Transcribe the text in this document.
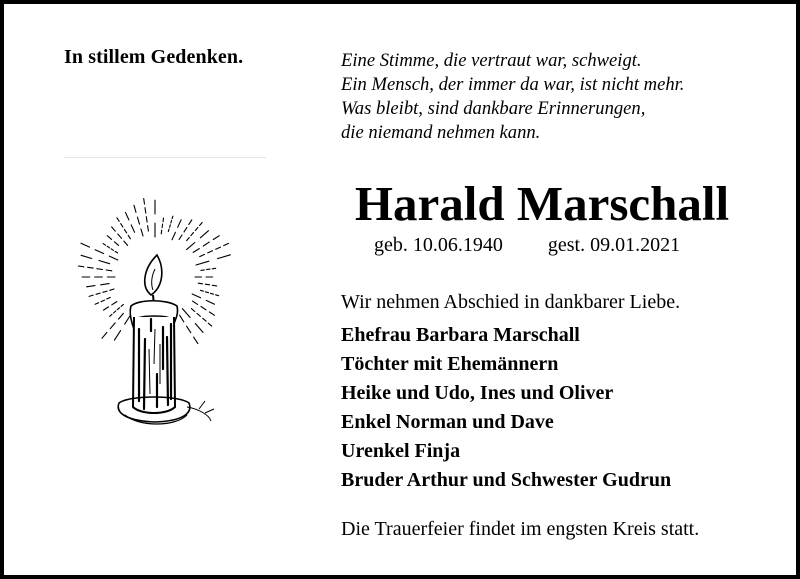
In stillem Gedenken.	Eine Stimme, die vertraut war, schweigt.
Ein Mensch, der immer da war, ist nicht mehr.
Was bleibt, sind dankbare Erinnerungen,
die niemand nehmen kann.
Harald Marschall
geb. 10.06.1940 gest. 09.01.2021
Wir nehmen Abschied in dankbarer Liebe.
Ehefrau Barbara Marschall
Töchter mit Ehemännern
Heike und Udo, Ines und Oliver
Enkel Norman und Dave
Urenkel Finja
Bruder Arthur und Schwester Gudrun
Die Trauerfeier findet im engsten Kreis statt.
